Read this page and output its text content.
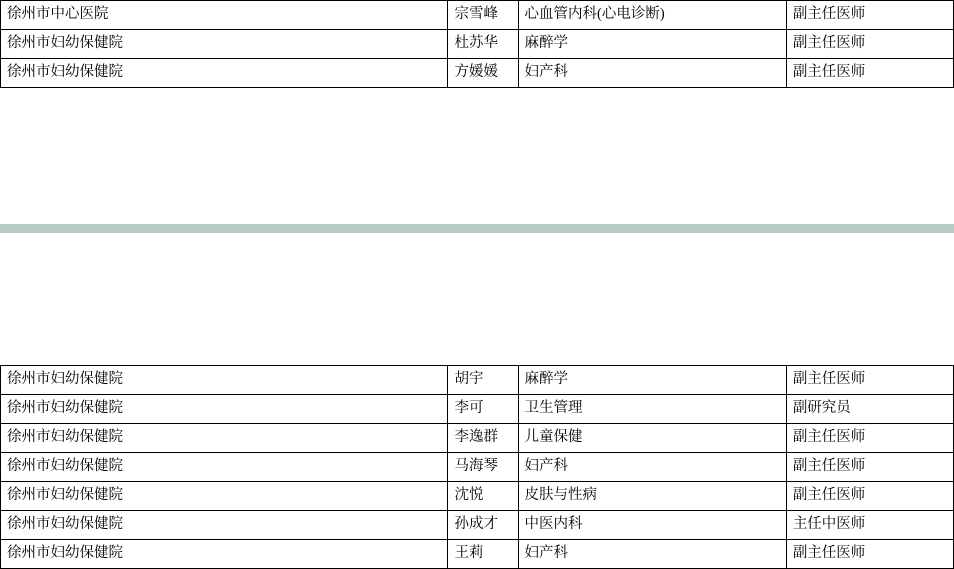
徐州市中心医院	宗雪峰	心血管内科(心电诊断)	副主任医师
徐州市妇幼保健院	杜苏华	麻醉学	副主任医师
徐州市妇幼保健院	方媛媛	妇产科	副主任医师
徐州市妇幼保健院	胡宇	麻醉学	副主任医师
徐州市妇幼保健院	李可	卫生管理	副研究员
徐州市妇幼保健院	李逸群	儿童保健	副主任医师
徐州市妇幼保健院	马海琴	妇产科	副主任医师
徐州市妇幼保健院	沈悦	皮肤与性病	副主任医师
徐州市妇幼保健院	孙成才	中医内科	主任中医师
徐州市妇幼保健院	王莉	妇产科	副主任医师
